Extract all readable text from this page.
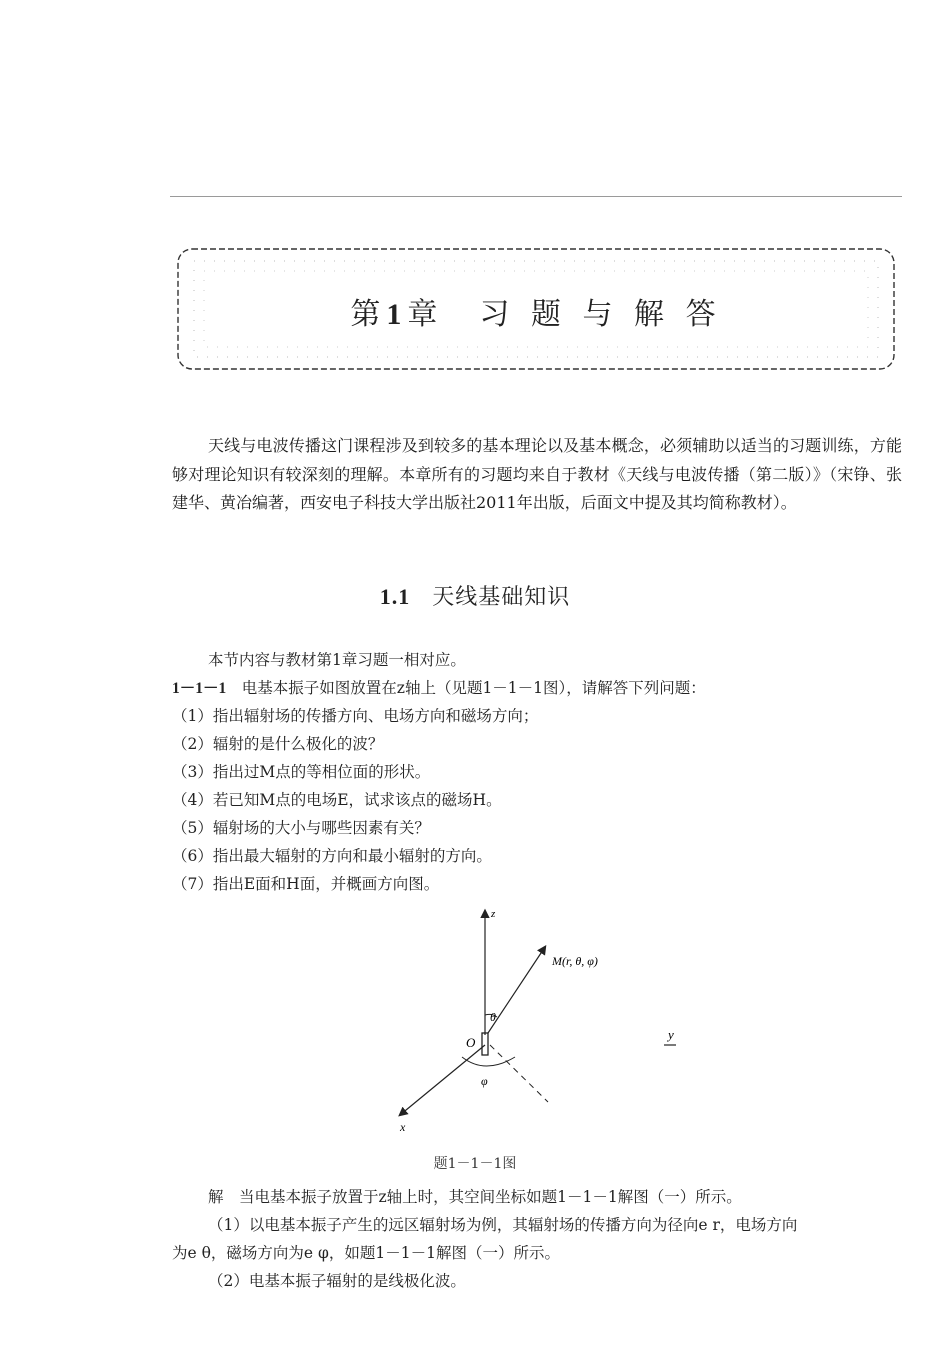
第1章　习 题 与 解 答
天线与电波传播这门课程涉及到较多的基本理论以及基本概念，必须辅助以适当的习题训练，方能够对理论知识有较深刻的理解。本章所有的习题均来自于教材《天线与电波传播（第二版）》（宋铮、张建华、黄冶编著，西安电子科技大学出版社2011年出版，后面文中提及其均简称教材）。
1.1 天线基础知识
本节内容与教材第1章习题一相对应。
1－1－1　 电基本振子如图放置在z轴上（见题1－1－1图），请解答下列问题：
（1）指出辐射场的传播方向、电场方向和磁场方向；
（2）辐射的是什么极化的波？
（3）指出过M点的等相位面的形状。
（4）若已知M点的电场E，试求该点的磁场H。
（5）辐射场的大小与哪些因素有关？
（6）指出最大辐射的方向和最小辐射的方向。
（7）指出E面和H面，并概画方向图。
z
y
x
O
θ
φ
M(r, θ, φ)
题1－1－1图
解　当电基本振子放置于z轴上时，其空间坐标如题1－1－1解图（一）所示。
（1）以电基本振子产生的远区辐射场为例，其辐射场的传播方向为径向e r，电场方向
为e θ，磁场方向为e φ，如题1－1－1解图（一）所示。
（2）电基本振子辐射的是线极化波。
